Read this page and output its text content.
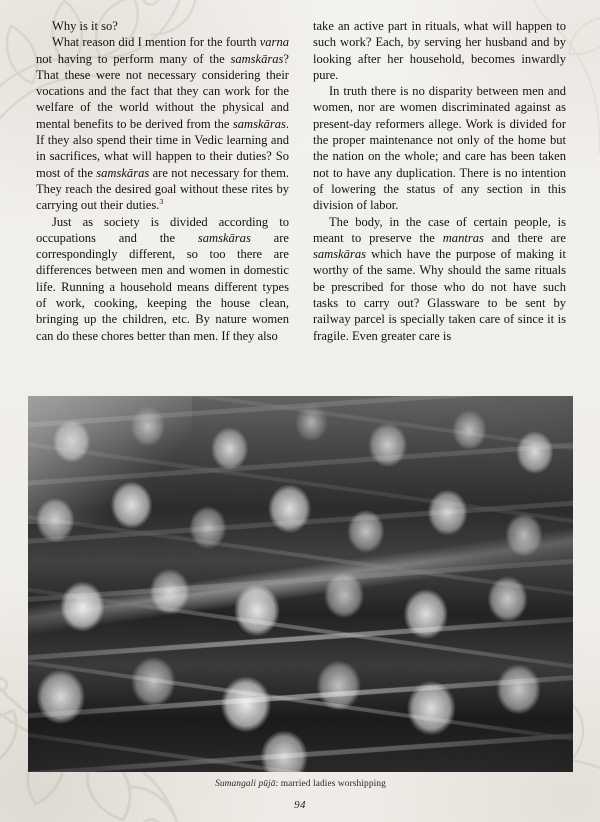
Why is it so?

What reason did I mention for the fourth varna not having to perform many of the samskāras? That these were not necessary considering their vocations and the fact that they can work for the welfare of the world without the physical and mental benefits to be derived from the samskāras. If they also spend their time in Vedic learning and in sacrifices, what will happen to their duties? So most of the samskāras are not necessary for them. They reach the desired goal without these rites by carrying out their duties.$^3$

Just as society is divided according to occupations and the samskāras are correspondingly different, so too there are differences between men and women in domestic life. Running a household means different types of work, cooking, keeping the house clean, bringing up the children, etc. By nature women can do these chores better than men. If they also

take an active part in rituals, what will happen to such work? Each, by serving her husband and by looking after her household, becomes inwardly pure.

In truth there is no disparity between men and women, nor are women discriminated against as present-day reformers allege. Work is divided for the proper maintenance not only of the home but the nation on the whole; and care has been taken not to have any duplication. There is no intention of lowering the status of any section in this division of labor.

The body, in the case of certain people, is meant to preserve the mantras and there are samskāras which have the purpose of making it worthy of the same. Why should the same rituals be prescribed for those who do not have such tasks to carry out? Glassware to be sent by railway parcel is specially taken care of since it is fragile. Even greater care is

Sumangali pūjā: married ladies worshipping
94
